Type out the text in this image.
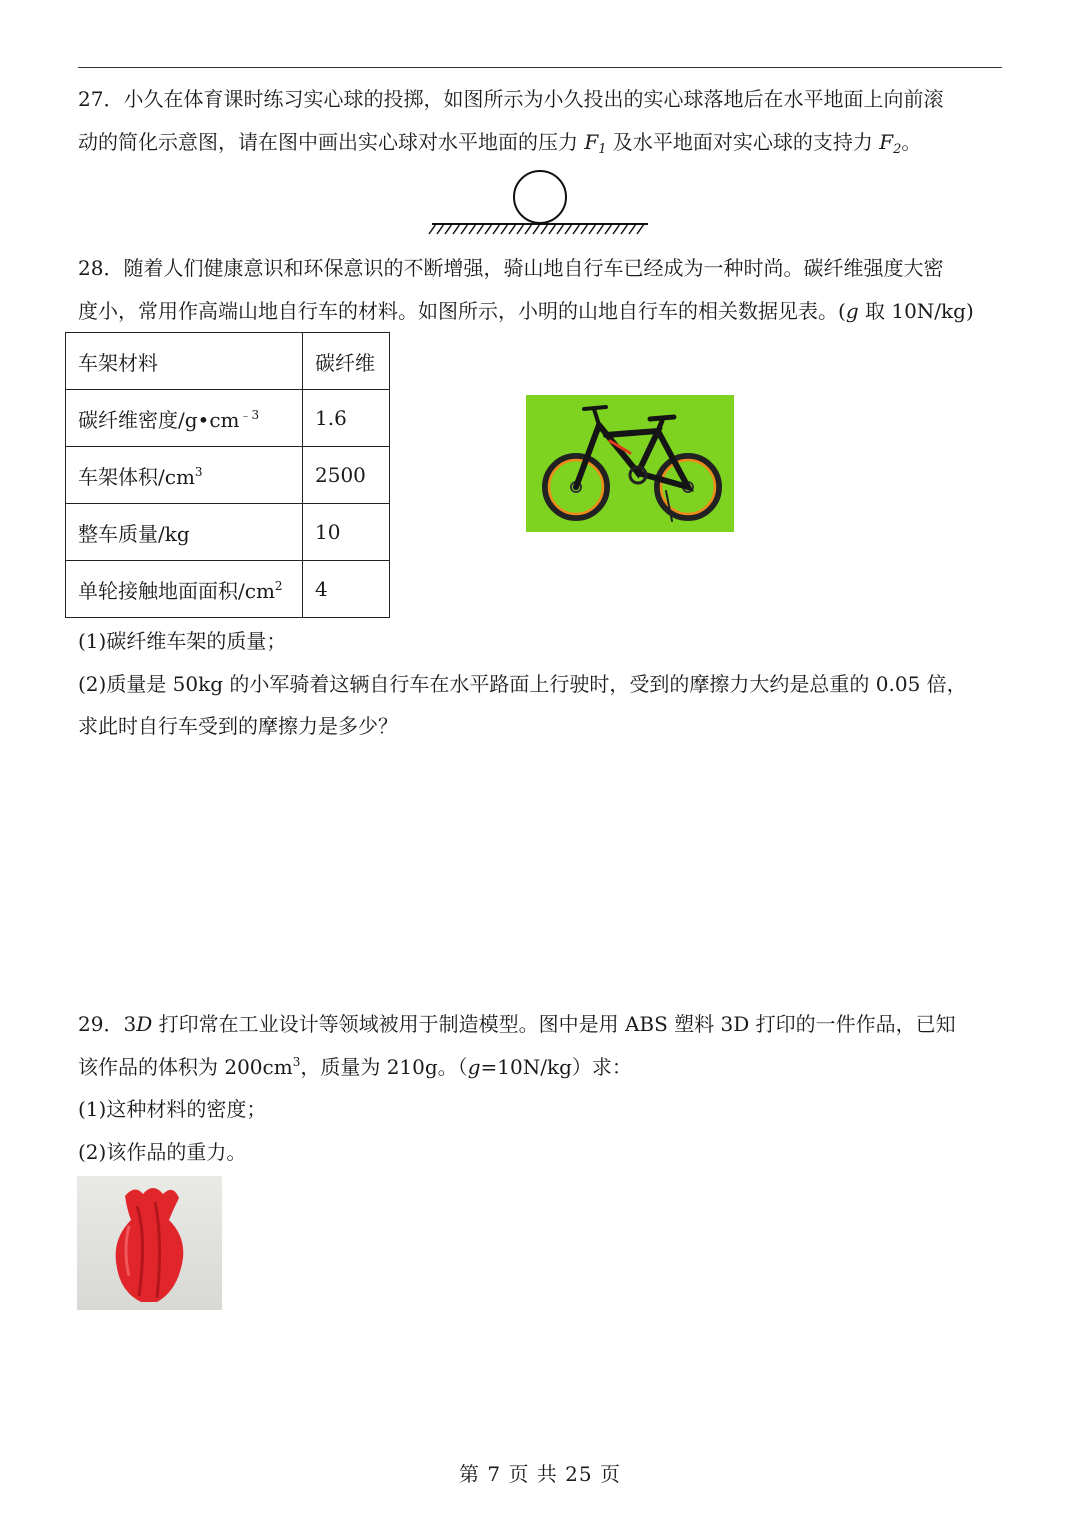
27．小久在体育课时练习实心球的投掷，如图所示为小久投出的实心球落地后在水平地面上向前滚
动的简化示意图，请在图中画出实心球对水平地面的压力 $F_1$ 及水平地面对实心球的支持力 $F_2$。
28．随着人们健康意识和环保意识的不断增强，骑山地自行车已经成为一种时尚。碳纤维强度大密
度小，常用作高端山地自行车的材料。如图所示，小明的山地自行车的相关数据见表。(g 取 10N/kg)
车架材料	碳纤维
碳纤维密度$/g•cm^{﹣3}$	1.6
车架体积$/cm^3$	2500
整车质量/kg	10
单轮接触地面面积$/cm^2$	4
(1)碳纤维车架的质量；
(2)质量是 50kg 的小军骑着这辆自行车在水平路面上行驶时，受到的摩擦力大约是总重的 0.05 倍，
求此时自行车受到的摩擦力是多少？
29．3D 打印常在工业设计等领域被用于制造模型。图中是用 ABS 塑料 3D 打印的一件作品，已知
该作品的体积为 $200cm^3$，质量为 210g。（g=10N/kg）求：
(1)这种材料的密度；
(2)该作品的重力。
第 7 页 共 25 页
